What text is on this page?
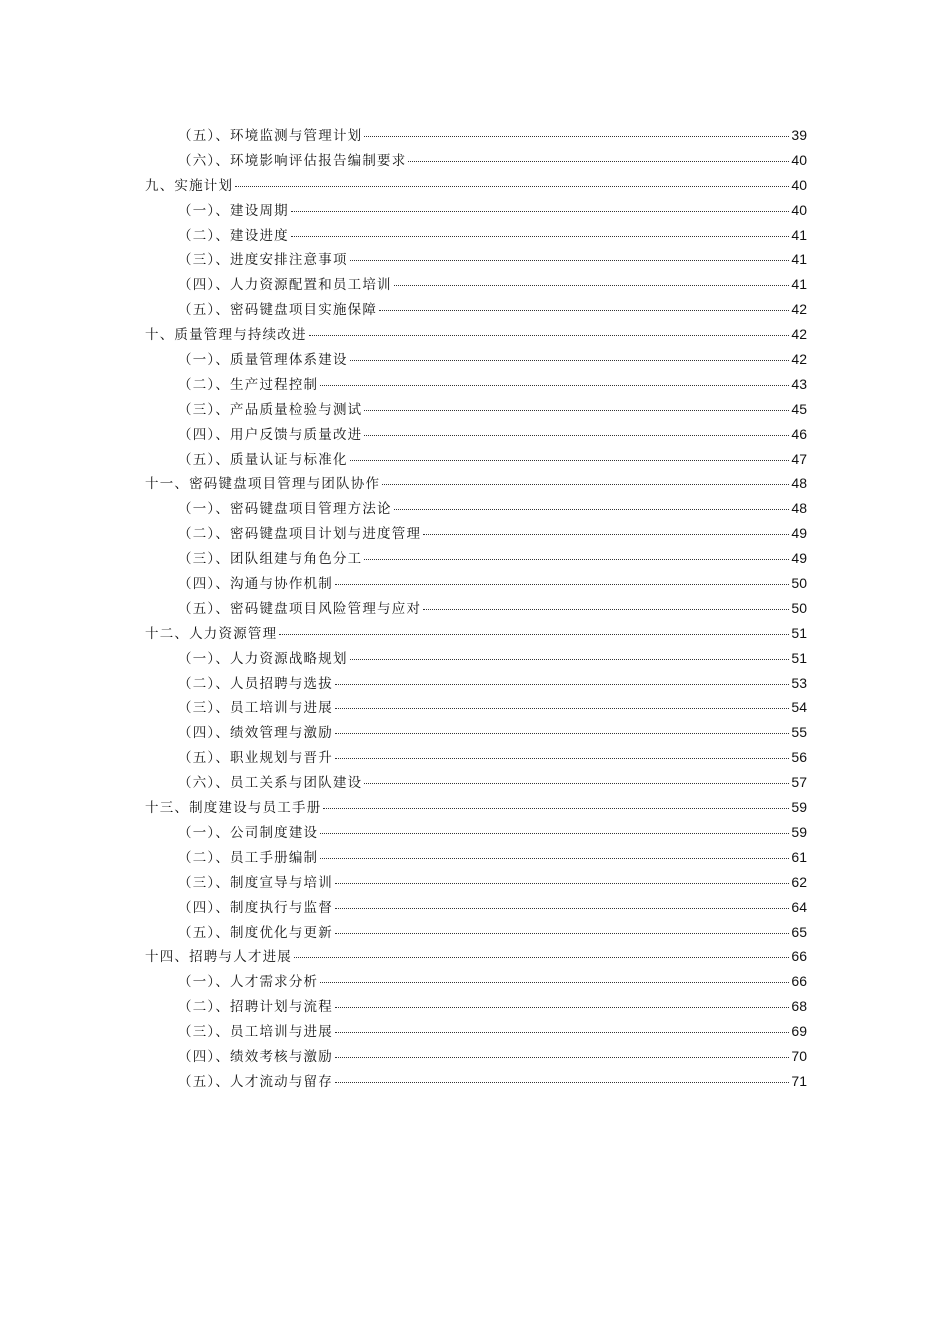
（五）、环境监测与管理计划	39
（六）、环境影响评估报告编制要求	40
九、实施计划	40
（一）、建设周期	40
（二）、建设进度	41
（三）、进度安排注意事项	41
（四）、人力资源配置和员工培训	41
（五）、密码键盘项目实施保障	42
十、质量管理与持续改进	42
（一）、质量管理体系建设	42
（二）、生产过程控制	43
（三）、产品质量检验与测试	45
（四）、用户反馈与质量改进	46
（五）、质量认证与标准化	47
十一、密码键盘项目管理与团队协作	48
（一）、密码键盘项目管理方法论	48
（二）、密码键盘项目计划与进度管理	49
（三）、团队组建与角色分工	49
（四）、沟通与协作机制	50
（五）、密码键盘项目风险管理与应对	50
十二、人力资源管理	51
（一）、人力资源战略规划	51
（二）、人员招聘与选拔	53
（三）、员工培训与进展	54
（四）、绩效管理与激励	55
（五）、职业规划与晋升	56
（六）、员工关系与团队建设	57
十三、制度建设与员工手册	59
（一）、公司制度建设	59
（二）、员工手册编制	61
（三）、制度宣导与培训	62
（四）、制度执行与监督	64
（五）、制度优化与更新	65
十四、招聘与人才进展	66
（一）、人才需求分析	66
（二）、招聘计划与流程	68
（三）、员工培训与进展	69
（四）、绩效考核与激励	70
（五）、人才流动与留存	71
